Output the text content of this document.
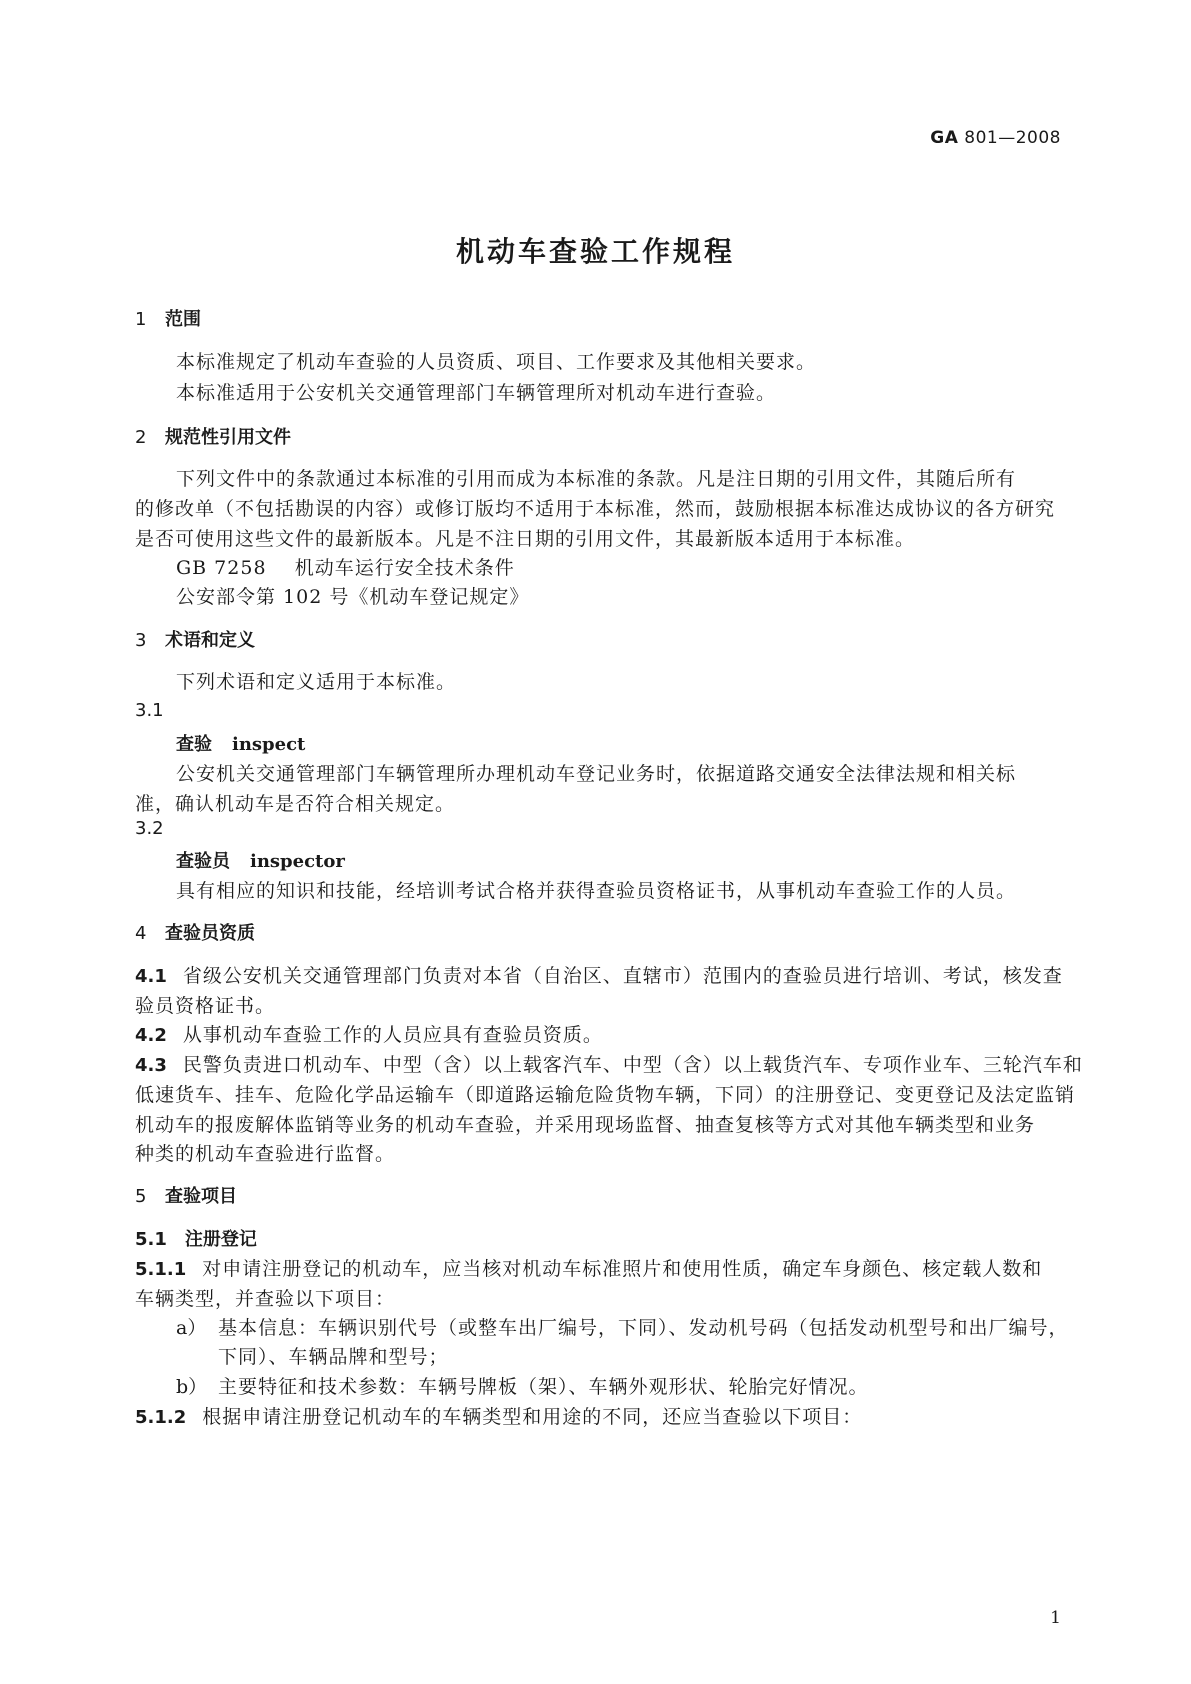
GA 801—2008
机动车查验工作规程
1 范围
本标准规定了机动车查验的人员资质、项目、工作要求及其他相关要求。
本标准适用于公安机关交通管理部门车辆管理所对机动车进行查验。
2 规范性引用文件
下列文件中的条款通过本标准的引用而成为本标准的条款。凡是注日期的引用文件，其随后所有
的修改单（不包括勘误的内容）或修订版均不适用于本标准，然而，鼓励根据本标准达成协议的各方研究
是否可使用这些文件的最新版本。凡是不注日期的引用文件，其最新版本适用于本标准。
GB 7258    机动车运行安全技术条件
公安部令第 102 号《机动车登记规定》
3 术语和定义
下列术语和定义适用于本标准。
3.1
查验 inspect
公安机关交通管理部门车辆管理所办理机动车登记业务时，依据道路交通安全法律法规和相关标
准，确认机动车是否符合相关规定。
3.2
查验员 inspector
具有相应的知识和技能，经培训考试合格并获得查验员资格证书，从事机动车查验工作的人员。
4 查验员资质
4.1 省级公安机关交通管理部门负责对本省（自治区、直辖市）范围内的查验员进行培训、考试，核发查
验员资格证书。
4.2 从事机动车查验工作的人员应具有查验员资质。
4.3 民警负责进口机动车、中型（含）以上载客汽车、中型（含）以上载货汽车、专项作业车、三轮汽车和
低速货车、挂车、危险化学品运输车（即道路运输危险货物车辆，下同）的注册登记、变更登记及法定监销
机动车的报废解体监销等业务的机动车查验，并采用现场监督、抽查复核等方式对其他车辆类型和业务
种类的机动车查验进行监督。
5 查验项目
5.1 注册登记
5.1.1 对申请注册登记的机动车，应当核对机动车标准照片和使用性质，确定车身颜色、核定载人数和
车辆类型，并查验以下项目：
a） 基本信息：车辆识别代号（或整车出厂编号，下同）、发动机号码（包括发动机型号和出厂编号，
下同）、车辆品牌和型号；
b） 主要特征和技术参数：车辆号牌板（架）、车辆外观形状、轮胎完好情况。
5.1.2 根据申请注册登记机动车的车辆类型和用途的不同，还应当查验以下项目：
1
